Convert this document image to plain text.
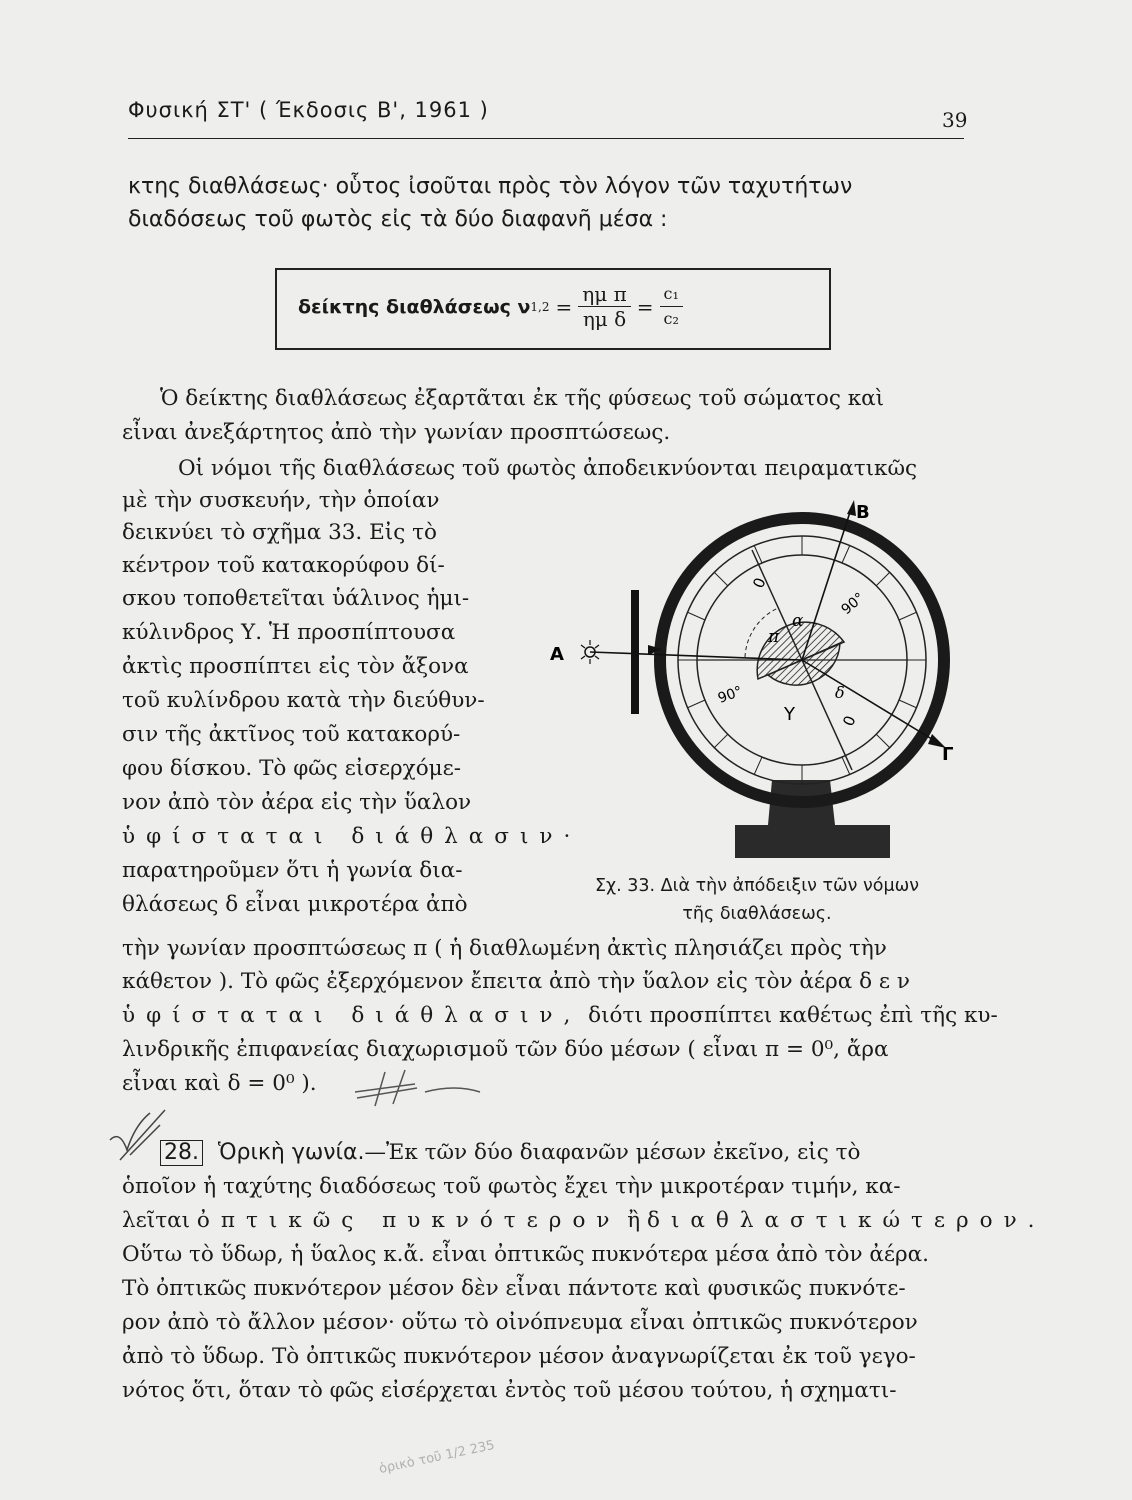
Φυσική ΣΤ' ( Έκδοσις Β', 1961 )	39
κτης διαθλάσεως· οὗτος ἰσοῦται πρὸς τὸν λόγον τῶν ταχυτήτων
διαδόσεως τοῦ φωτὸς εἰς τὰ δύο διαφανῆ μέσα :
δείκτης διαθλάσεως ν $1,2 = \frac{\text{ημ π}}{\text{ημ δ}} = \frac{\text{c₁}}{\text{c₂}}$
Ὁ δείκτης διαθλάσεως ἐξαρτᾶται ἐκ τῆς φύσεως τοῦ σώματος καὶ
εἶναι ἀνεξάρτητος ἀπὸ τὴν γωνίαν προσπτώσεως.
Οἱ νόμοι τῆς διαθλάσεως τοῦ φωτὸς ἀποδεικνύονται πειραματικῶς
μὲ τὴν συσκευήν, τὴν ὁποίαν
δεικνύει τὸ σχῆμα 33. Εἰς τὸ
κέντρον τοῦ κατακορύφου δί-
σκου τοποθετεῖται ὑάλινος ἡμι-
κύλινδρος Υ. Ἡ προσπίπτουσα
ἀκτὶς προσπίπτει εἰς τὸν ἄξονα
τοῦ κυλίνδρου κατὰ τὴν διεύθυν-
σιν τῆς ἀκτῖνος τοῦ κατακορύ-
φου δίσκου. Τὸ φῶς εἰσερχόμε-
νον ἀπὸ τὸν ἀέρα εἰς τὴν ὕαλον
ὑφίσταται διάθλασιν·
παρατηροῦμεν ὅτι ἡ γωνία δια-
θλάσεως δ εἶναι μικροτέρα ἀπὸ
A
B
Γ
Υ
π
α
δ
0
0
90°
90°
Σχ. 33. Διὰ τὴν ἀπόδειξιν τῶν νόμων
τῆς διαθλάσεως.
τὴν γωνίαν προσπτώσεως π ( ἡ διαθλωμένη ἀκτὶς πλησιάζει πρὸς τὴν
κάθετον ). Τὸ φῶς ἐξερχόμενον ἔπειτα ἀπὸ τὴν ὕαλον εἰς τὸν ἀέρα δ ε ν
ὑφίσταται διάθλασιν, διότι προσπίπτει καθέτως ἐπὶ τῆς κυ-
λινδρικῆς ἐπιφανείας διαχωρισμοῦ τῶν δύο μέσων ( εἶναι π = 0⁰, ἄρα
εἶναι καὶ δ = 0⁰ ).
28. Ὁρικὴ γωνία.—Ἐκ τῶν δύο διαφανῶν μέσων ἐκεῖνο, εἰς τὸ
ὁποῖον ἡ ταχύτης διαδόσεως τοῦ φωτὸς ἔχει τὴν μικροτέραν τιμήν, κα-
λεῖται ὀπτικῶς πυκνότερον ἢ διαθλαστικώτερον.
Οὕτω τὸ ὕδωρ, ἡ ὕαλος κ.ἄ. εἶναι ὀπτικῶς πυκνότερα μέσα ἀπὸ τὸν ἀέρα.
Τὸ ὀπτικῶς πυκνότερον μέσον δὲν εἶναι πάντοτε καὶ φυσικῶς πυκνότε-
ρον ἀπὸ τὸ ἄλλον μέσον· οὕτω τὸ οἰνόπνευμα εἶναι ὀπτικῶς πυκνότερον
ἀπὸ τὸ ὕδωρ. Τὸ ὀπτικῶς πυκνότερον μέσον ἀναγνωρίζεται ἐκ τοῦ γεγο-
νότος ὅτι, ὅταν τὸ φῶς εἰσέρχεται ἐντὸς τοῦ μέσου τούτου, ἡ σχηματι-
ὁρικὸ τοῦ 1/2 235
